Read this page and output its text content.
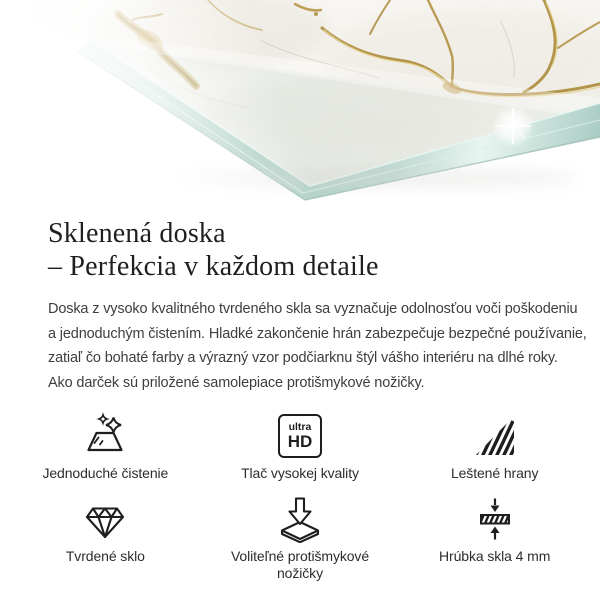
Sklenená doska
– Perfekcia v každom detaile
Doska z vysoko kvalitného tvrdeného skla sa vyznačuje odolnosťou voči poškodeniu
a jednoduchým čistením. Hladké zakončenie hrán zabezpečuje bezpečné používanie,
zatiaľ čo bohaté farby a výrazný vzor podčiarknu štýl vášho interiéru na dlhé roky.
Ako darček sú priložené samolepiace protišmykové nožičky.
Jednoduché čistenie
ultra
HD
Tlač vysokej kvality	Leštené hrany
Tvrdené sklo	Voliteľné protišmykové nožičky
Hrúbka skla 4 mm
